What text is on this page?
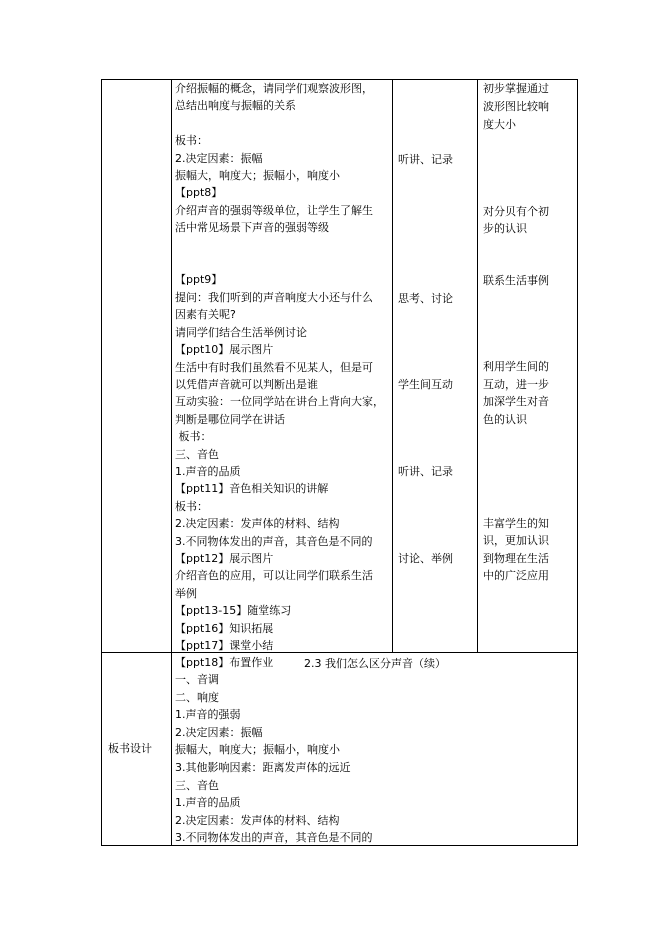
介绍振幅的概念，请同学们观察波形图，
总结出响度与振幅的关系

板书：
2.决定因素：振幅
振幅大，响度大；振幅小，响度小
【ppt8】
介绍声音的强弱等级单位，让学生了解生
活中常见场景下声音的强弱等级

【ppt9】
提问：我们听到的声音响度大小还与什么
因素有关呢?
请同学们结合生活举例讨论
【ppt10】展示图片
生活中有时我们虽然看不见某人，但是可
以凭借声音就可以判断出是谁
互动实验：一位同学站在讲台上背向大家，
判断是哪位同学在讲话
板书：
三、音色
1.声音的品质
【ppt11】音色相关知识的讲解
板书：
2.决定因素：发声体的材料、结构
3.不同物体发出的声音，其音色是不同的
【ppt12】展示图片
介绍音色的应用，可以让同学们联系生活
举例
【ppt13-15】随堂练习
【ppt16】知识拓展
【ppt17】课堂小结
【ppt18】布置作业
听讲、记录
思考、讨论
学生间互动
听讲、记录
讨论、举例
初步掌握通过
波形图比较响
度大小
对分贝有个初
步的认识
联系生活事例
利用学生间的
互动，进一步
加深学生对音
色的认识
丰富学生的知
识，更加认识
到物理在生活
中的广泛应用
板书设计
2.3 我们怎么区分声音（续）
一、音调
二、响度
1.声音的强弱
2.决定因素：振幅
振幅大，响度大；振幅小，响度小
3.其他影响因素：距离发声体的远近
三、音色
1.声音的品质
2.决定因素：发声体的材料、结构
3.不同物体发出的声音，其音色是不同的
